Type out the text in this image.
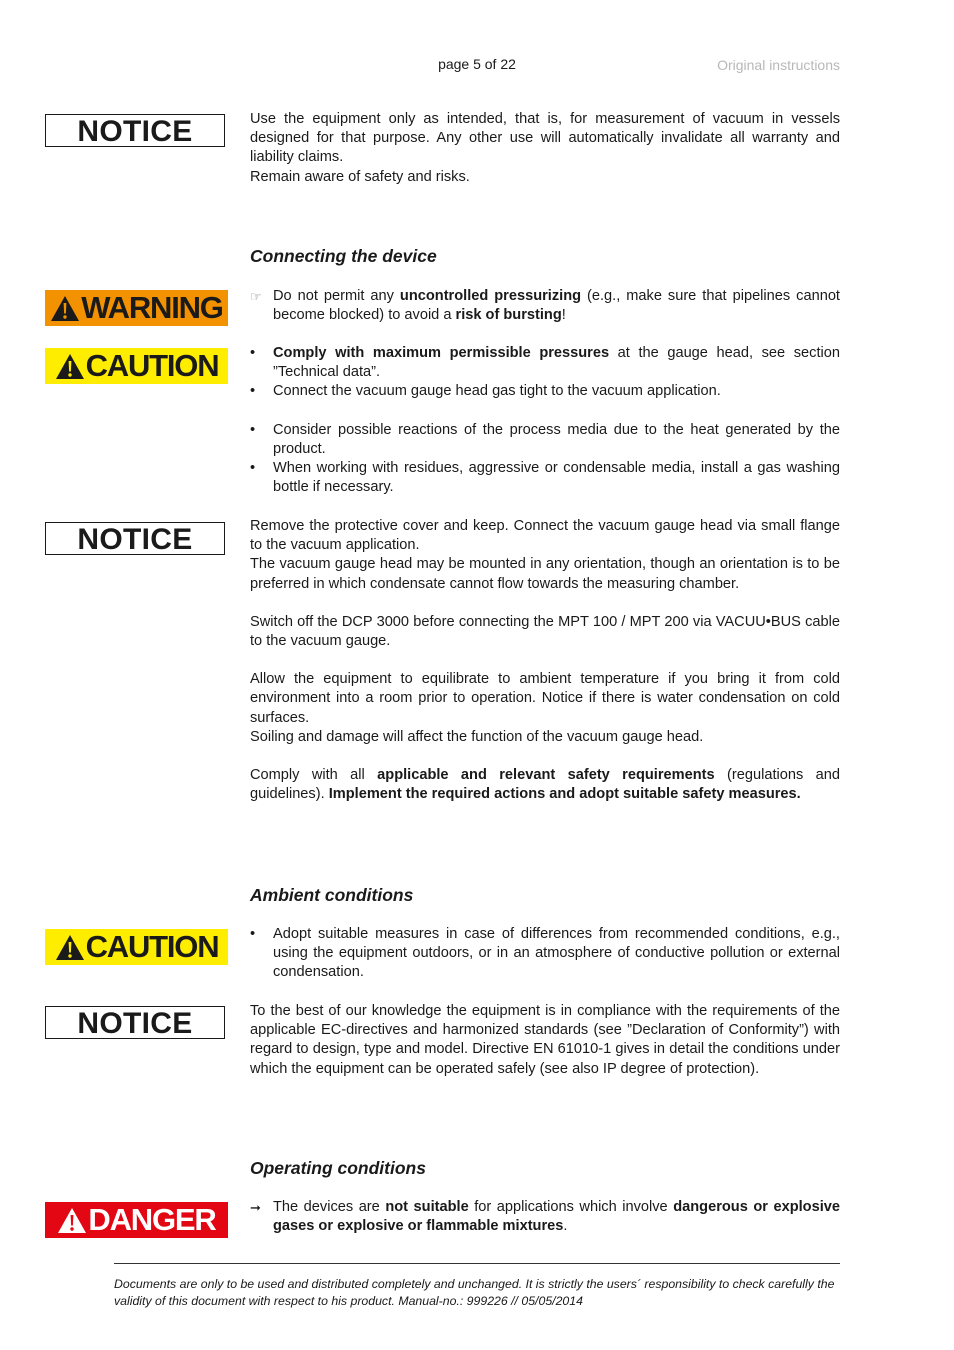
page 5 of 22	Original instructions
NOTICE	Use the equipment only as intended, that is, for measurement of vacuum in vessels designed for that purpose. Any other use will automatically invalidate all warranty and liability claims.

Remain aware of safety and risks.

Connecting the device
WARNING ☞ Do not permit any uncontrolled pressurizing (e.g., make sure that pipelines cannot become blocked) to avoid a risk of bursting!
CAUTION • Comply with maximum permissible pressures at the gauge head, see section ”Technical data”.
• Connect the vacuum gauge head gas tight to the vacuum application.
• Consider possible reactions of the process media due to the heat generated by the product.
• When working with residues, aggressive or condensable media, install a gas washing bottle if necessary.
NOTICE	Remove the protective cover and keep. Connect the vacuum gauge head via small flange to the vacuum application.

The vacuum gauge head may be mounted in any orientation, though an orientation is to be preferred in which condensate cannot flow towards the measuring chamber.

Switch off the DCP 3000 before connecting the MPT 100 / MPT 200 via VACUU•BUS cable to the vacuum gauge.

Allow the equipment to equilibrate to ambient temperature if you bring it from cold environment into a room prior to operation. Notice if there is water condensation on cold surfaces.

Soiling and damage will affect the function of the vacuum gauge head.

Comply with all applicable and relevant safety requirements (regulations and guidelines). Implement the required actions and adopt suitable safety measures.

Ambient conditions
CAUTION • Adopt suitable measures in case of differences from recommended conditions, e.g., using the equipment outdoors, or in an atmosphere of conductive pollution or external condensation.
NOTICE	To the best of our knowledge the equipment is in compliance with the requirements of the applicable EC-directives and harmonized standards (see ”Declaration of Conformity”) with regard to design, type and model. Directive EN 61010-1 gives in detail the conditions under which the equipment can be operated safely (see also IP degree of protection).

Operating conditions
DANGER	➞ The devices are not suitable for applications which involve dangerous or explosive gases or explosive or flammable mixtures.
Documents are only to be used and distributed completely and unchanged. It is strictly the users´ responsibility to check carefully the validity of this document with respect to his product. Manual-no.: 999226 // 05/05/2014
